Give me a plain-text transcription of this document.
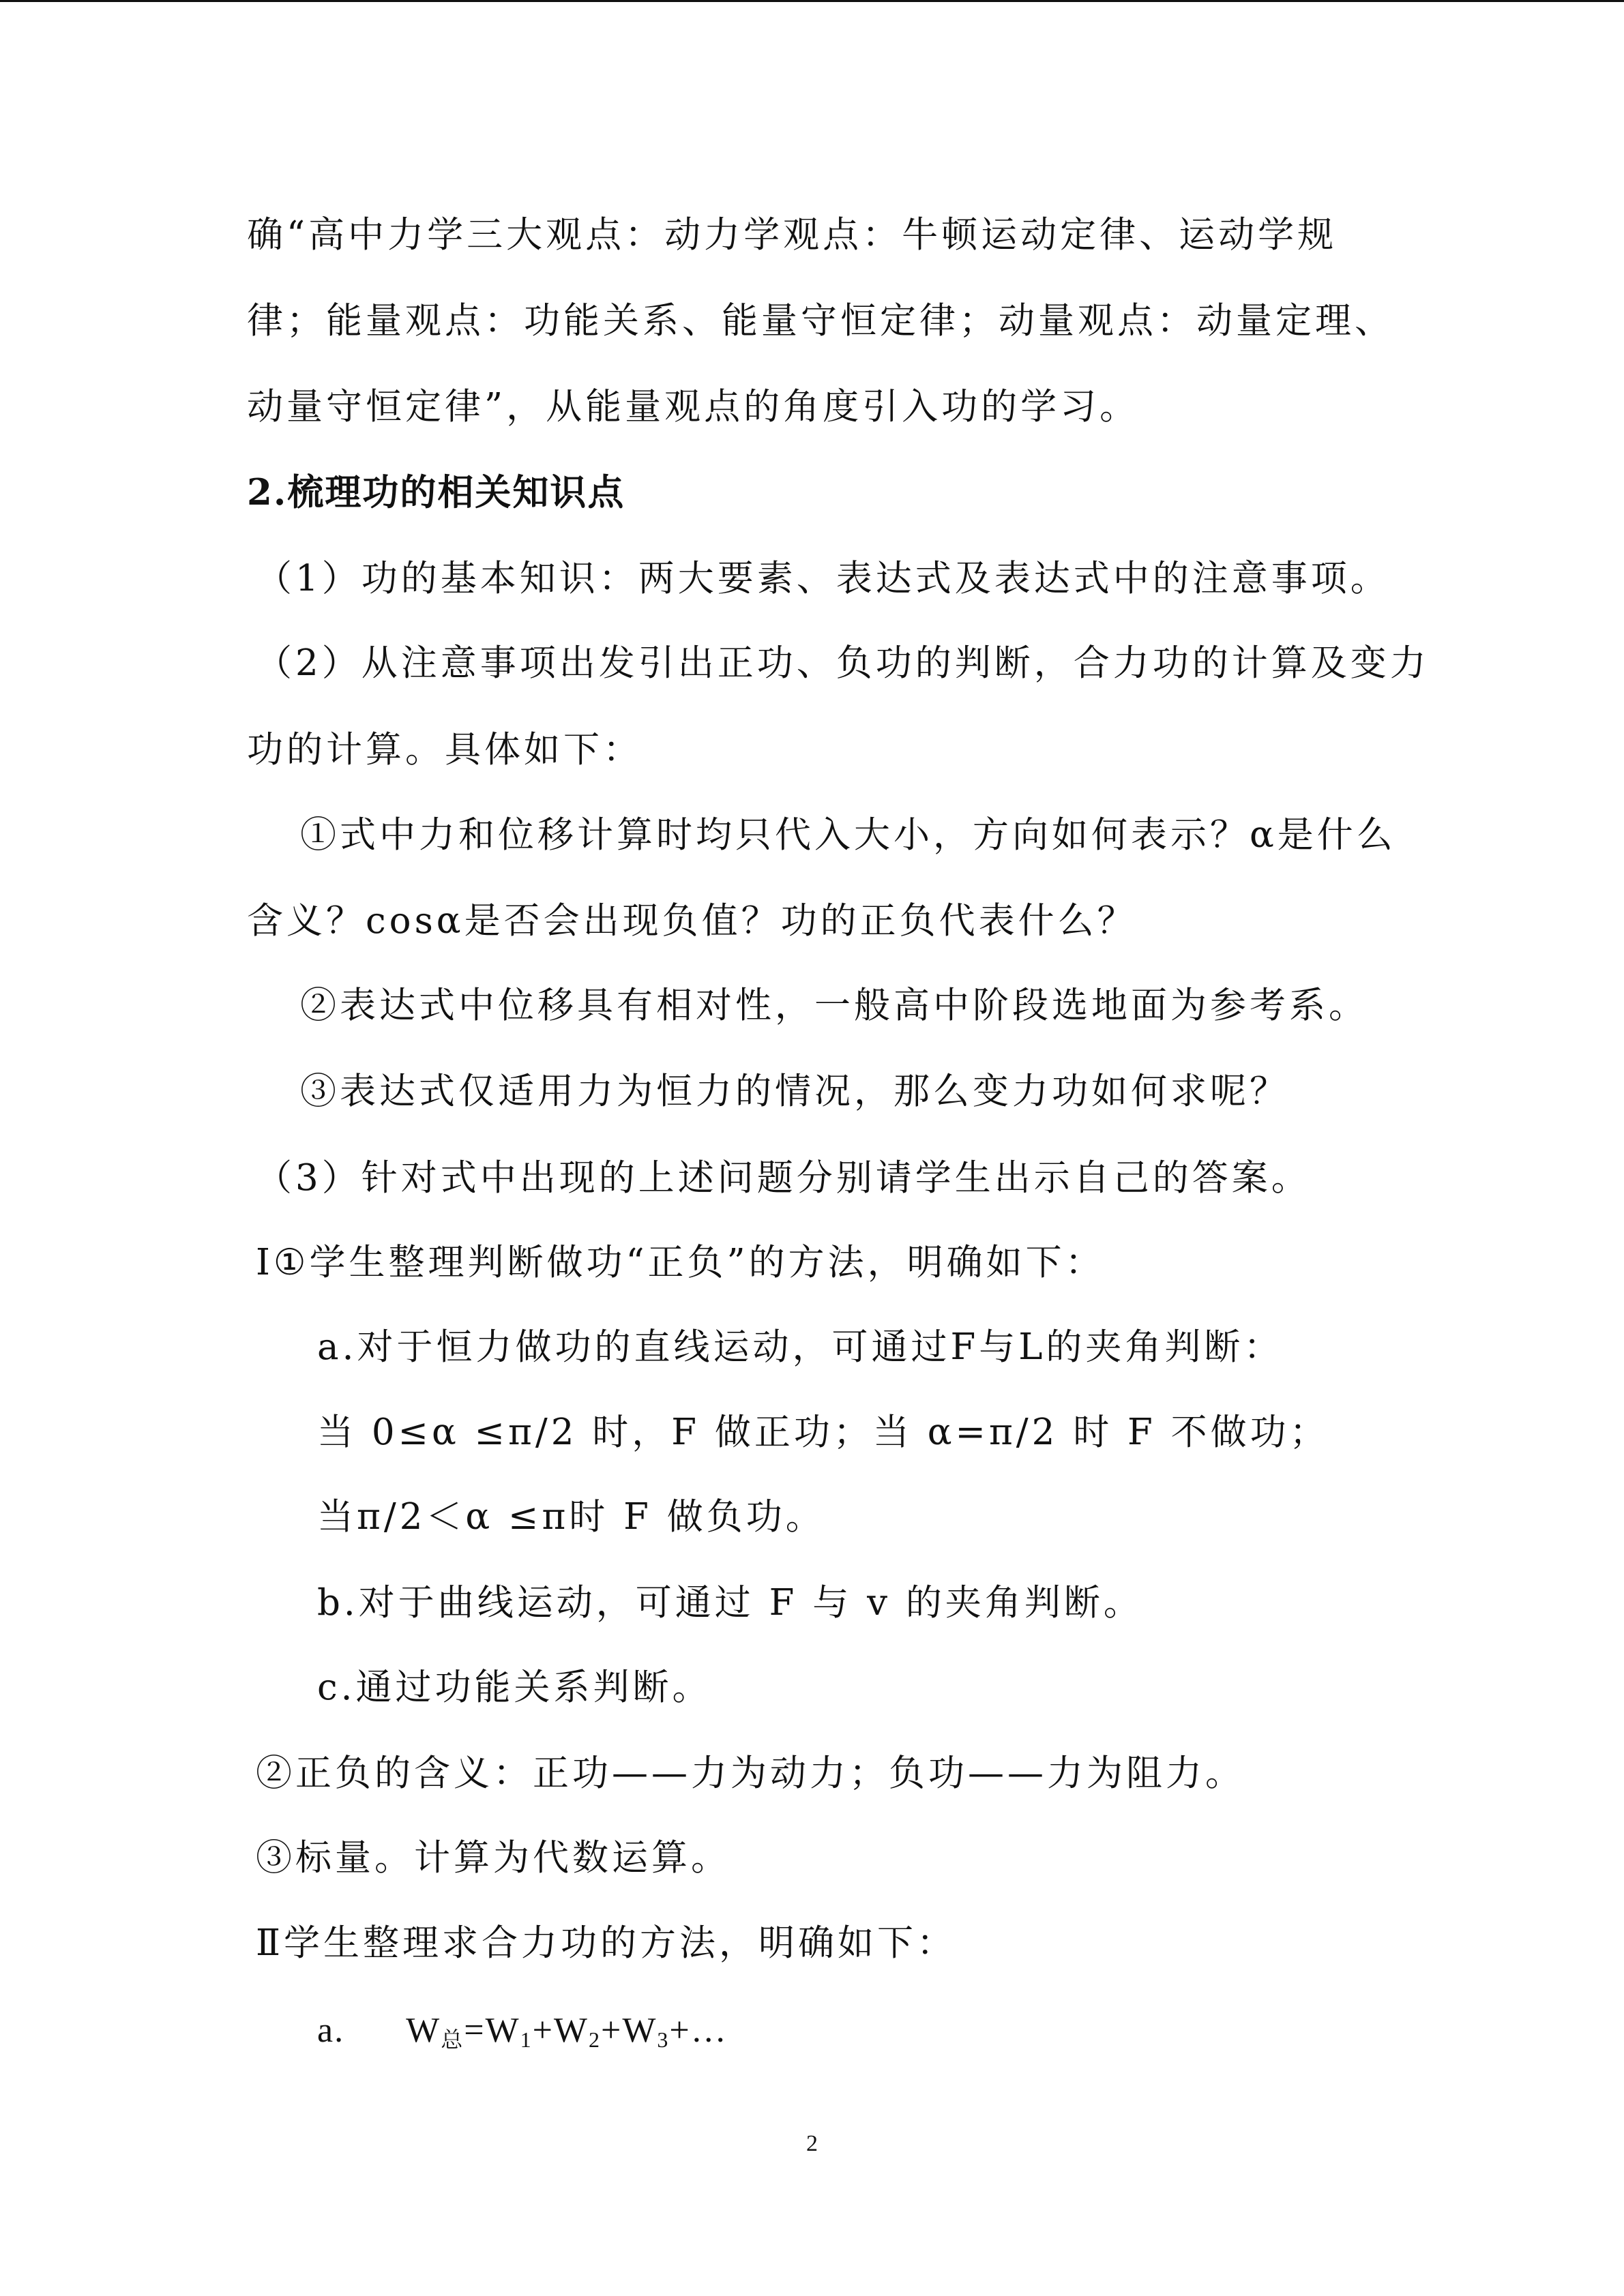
确“高中力学三大观点：动力学观点：牛顿运动定律、运动学规
律；能量观点：功能关系、能量守恒定律；动量观点：动量定理、
动量守恒定律”，从能量观点的角度引入功的学习。
2.梳理功的相关知识点
（1）功的基本知识：两大要素、表达式及表达式中的注意事项。
（2）从注意事项出发引出正功、负功的判断，合力功的计算及变力
功的计算。具体如下：
①式中力和位移计算时均只代入大小，方向如何表示？α是什么
含义？cosα是否会出现负值？功的正负代表什么？
②表达式中位移具有相对性，一般高中阶段选地面为参考系。
③表达式仅适用力为恒力的情况，那么变力功如何求呢？
（3）针对式中出现的上述问题分别请学生出示自己的答案。
Ⅰ①学生整理判断做功“正负”的方法，明确如下：
a.对于恒力做功的直线运动，可通过F与L的夹角判断：
当 0≤α ≤π/2 时，F 做正功；当 α=π/2 时 F 不做功；
当π/2＜α ≤π时 F 做负功。
b.对于曲线运动，可通过 F 与 v 的夹角判断。
c.通过功能关系判断。
②正负的含义：正功——力为动力；负功——力为阻力。
③标量。计算为代数运算。
Ⅱ学生整理求合力功的方法，明确如下：
a. $W_总=W_1+W_2+W_3+\dots$
2
